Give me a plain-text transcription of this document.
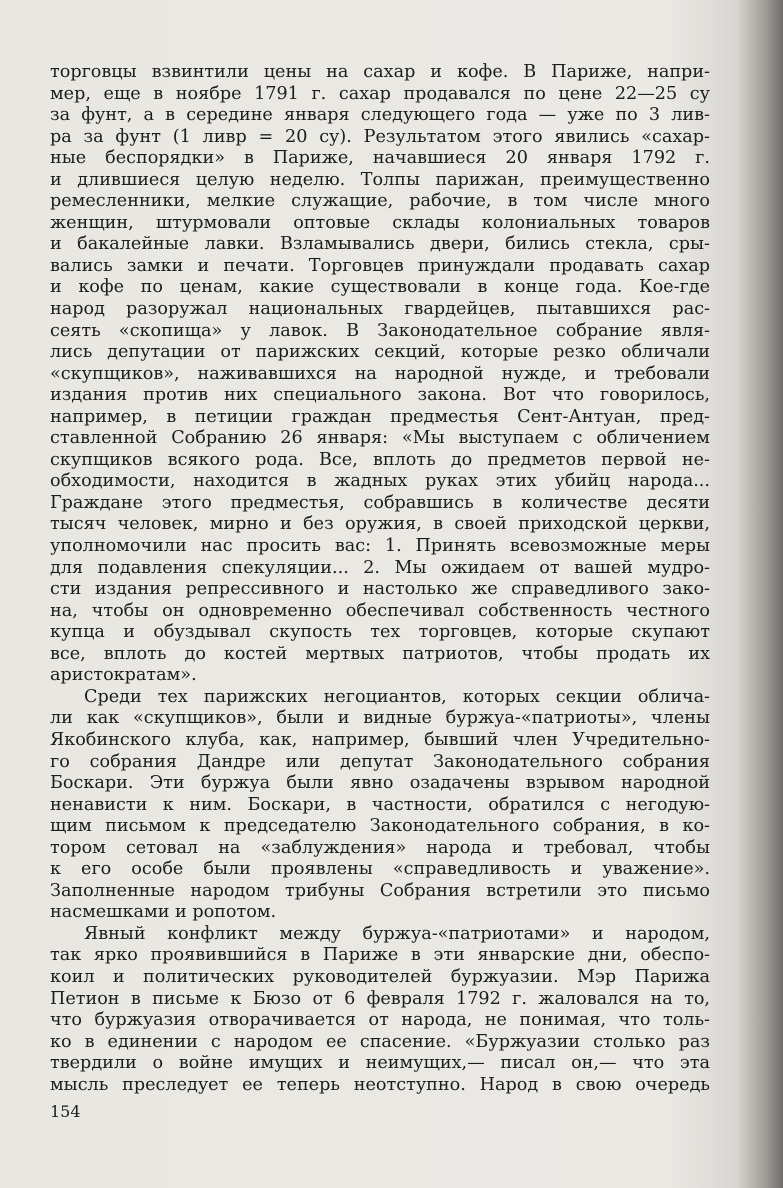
торговцы взвинтили цены на сахар и кофе. В Париже, напри-
мер, еще в ноябре 1791 г. сахар продавался по цене 22—25 су
за фунт, а в середине января следующего года — уже по 3 лив-
ра за фунт (1 ливр = 20 су). Результатом этого явились «сахар-
ные беспорядки» в Париже, начавшиеся 20 января 1792 г.
и длившиеся целую неделю. Толпы парижан, преимущественно
ремесленники, мелкие служащие, рабочие, в том числе много
женщин, штурмовали оптовые склады колониальных товаров
и бакалейные лавки. Взламывались двери, бились стекла, сры-
вались замки и печати. Торговцев принуждали продавать сахар
и кофе по ценам, какие существовали в конце года. Кое-где
народ разоружал национальных гвардейцев, пытавшихся рас-
сеять «скопища» у лавок. В Законодательное собрание явля-
лись депутации от парижских секций, которые резко обличали
«скупщиков», наживавшихся на народной нужде, и требовали
издания против них специального закона. Вот что говорилось,
например, в петиции граждан предместья Сент-Антуан, пред-
ставленной Собранию 26 января: «Мы выступаем с обличением
скупщиков всякого рода. Все, вплоть до предметов первой не-
обходимости, находится в жадных руках этих убийц народа...
Граждане этого предместья, собравшись в количестве десяти
тысяч человек, мирно и без оружия, в своей приходской церкви,
уполномочили нас просить вас: 1. Принять всевозможные меры
для подавления спекуляции... 2. Мы ожидаем от вашей мудро-
сти издания репрессивного и настолько же справедливого зако-
на, чтобы он одновременно обеспечивал собственность честного
купца и обуздывал скупость тех торговцев, которые скупают
все, вплоть до костей мертвых патриотов, чтобы продать их
аристократам».
Среди тех парижских негоциантов, которых секции облича-
ли как «скупщиков», были и видные буржуа-«патриоты», члены
Якобинского клуба, как, например, бывший член Учредительно-
го собрания Дандре или депутат Законодательного собрания
Боскари. Эти буржуа были явно озадачены взрывом народной
ненависти к ним. Боскари, в частности, обратился с негодую-
щим письмом к председателю Законодательного собрания, в ко-
тором сетовал на «заблуждения» народа и требовал, чтобы
к его особе были проявлены «справедливость и уважение».
Заполненные народом трибуны Собрания встретили это письмо
насмешками и ропотом.
Явный конфликт между буржуа-«патриотами» и народом,
так ярко проявившийся в Париже в эти январские дни, обеспо-
коил и политических руководителей буржуазии. Мэр Парижа
Петион в письме к Бюзо от 6 февраля 1792 г. жаловался на то,
что буржуазия отворачивается от народа, не понимая, что толь-
ко в единении с народом ее спасение. «Буржуазии столько раз
твердили о войне имущих и неимущих,— писал он,— что эта
мысль преследует ее теперь неотступно. Народ в свою очередь
154
